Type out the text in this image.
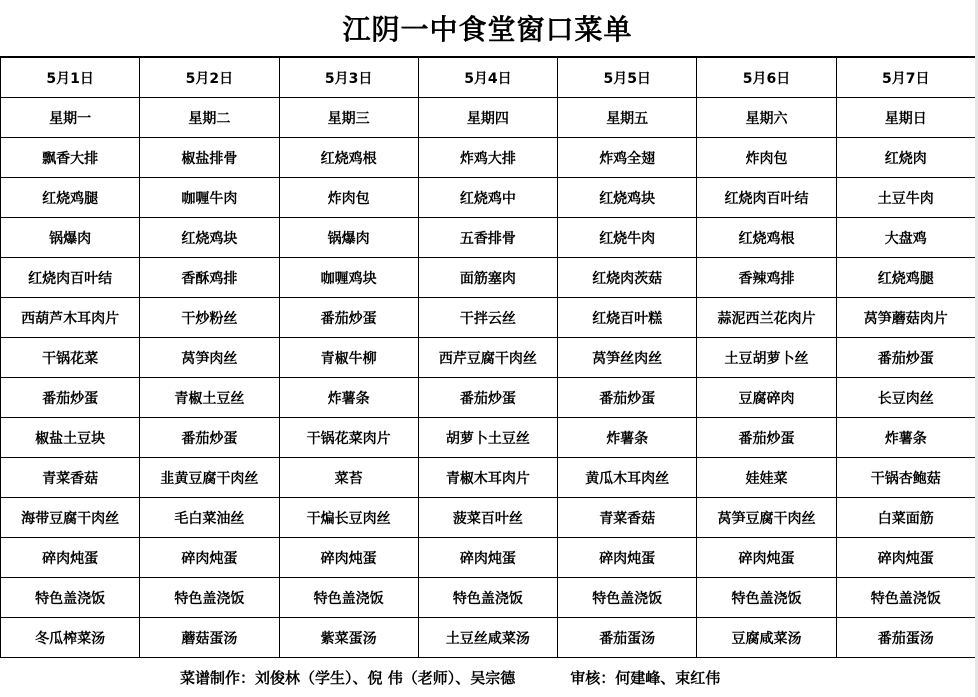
江阴一中食堂窗口菜单
5月1日	5月2日	5月3日	5月4日	5月5日	5月6日	5月7日
星期一	星期二	星期三	星期四	星期五	星期六	星期日
飘香大排	椒盐排骨	红烧鸡根	炸鸡大排	炸鸡全翅	炸肉包	红烧肉
红烧鸡腿	咖喱牛肉	炸肉包	红烧鸡中	红烧鸡块	红烧肉百叶结	土豆牛肉
锅爆肉	红烧鸡块	锅爆肉	五香排骨	红烧牛肉	红烧鸡根	大盘鸡
红烧肉百叶结	香酥鸡排	咖喱鸡块	面筋塞肉	红烧肉茨菇	香辣鸡排	红烧鸡腿
西葫芦木耳肉片	干炒粉丝	番茄炒蛋	干拌云丝	红烧百叶糕	蒜泥西兰花肉片	莴笋蘑菇肉片
干锅花菜	莴笋肉丝	青椒牛柳	西芹豆腐干肉丝	莴笋丝肉丝	土豆胡萝卜丝	番茄炒蛋
番茄炒蛋	青椒土豆丝	炸薯条	番茄炒蛋	番茄炒蛋	豆腐碎肉	长豆肉丝
椒盐土豆块	番茄炒蛋	干锅花菜肉片	胡萝卜土豆丝	炸薯条	番茄炒蛋	炸薯条
青菜香菇	韭黄豆腐干肉丝	菜苔	青椒木耳肉片	黄瓜木耳肉丝	娃娃菜	干锅杏鲍菇
海带豆腐干肉丝	毛白菜油丝	干煸长豆肉丝	菠菜百叶丝	青菜香菇	莴笋豆腐干肉丝	白菜面筋
碎肉炖蛋	碎肉炖蛋	碎肉炖蛋	碎肉炖蛋	碎肉炖蛋	碎肉炖蛋	碎肉炖蛋
特色盖浇饭	特色盖浇饭	特色盖浇饭	特色盖浇饭	特色盖浇饭	特色盖浇饭	特色盖浇饭
冬瓜榨菜汤	蘑菇蛋汤	紫菜蛋汤	土豆丝咸菜汤	番茄蛋汤	豆腐咸菜汤	番茄蛋汤
菜谱制作：刘俊林（学生）、倪 伟（老师）、吴宗德	审核：何建峰、束红伟
